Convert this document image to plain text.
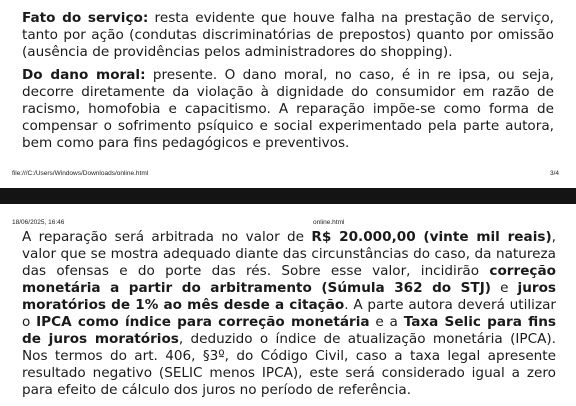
Fato do serviço: resta evidente que houve falha na prestação de serviço, tanto por ação (condutas discriminatórias de prepostos) quanto por omissão (ausência de providências pelos administradores do shopping).

Do dano moral: presente. O dano moral, no caso, é in re ipsa, ou seja, decorre diretamente da violação à dignidade do consumidor em razão de racismo, homofobia e capacitismo. A reparação impõe-se como forma de compensar o sofrimento psíquico e social experimentado pela parte autora, bem como para fins pedagógicos e preventivos.

file:///C:/Users/Windows/Downloads/online.html	3/4
18/06/2025, 16:46	online.html

A reparação será arbitrada no valor de R$ 20.000,00 (vinte mil reais), valor que se mostra adequado diante das circunstâncias do caso, da natureza das ofensas e do porte das rés. Sobre esse valor, incidirão correção monetária a partir do arbitramento (Súmula 362 do STJ) e juros moratórios de 1% ao mês desde a citação. A parte autora deverá utilizar o IPCA como índice para correção monetária e a Taxa Selic para fins de juros moratórios, deduzido o índice de atualização monetária (IPCA). Nos termos do art. 406, §3º, do Código Civil, caso a taxa legal apresente resultado negativo (SELIC menos IPCA), este será considerado igual a zero para efeito de cálculo dos juros no período de referência.
